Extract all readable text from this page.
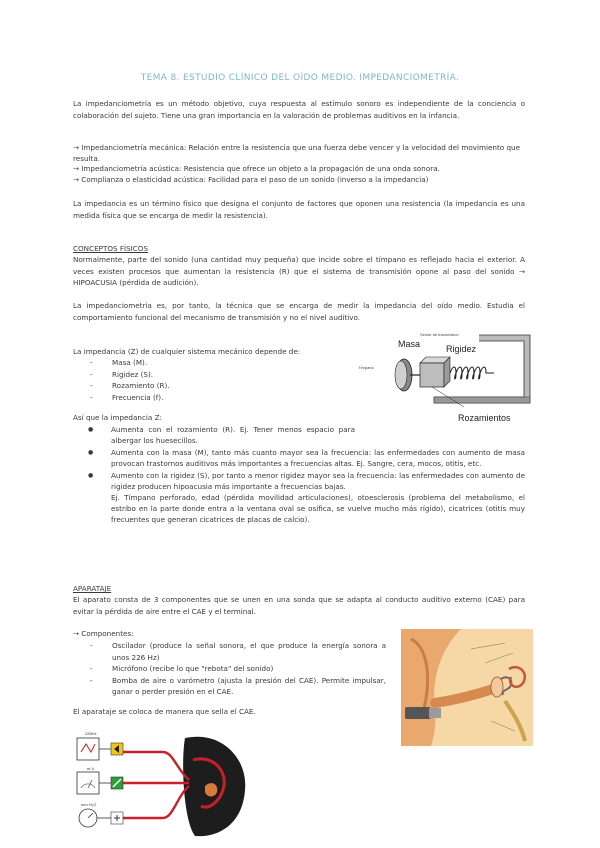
TEMA 8. ESTUDIO CLÍNICO DEL OÍDO MEDIO. IMPEDANCIOMETRÍA.

La impedanciometría es un método objetivo, cuya respuesta al estímulo sonoro es independiente de la conciencia o colaboración del sujeto. Tiene una gran importancia en la valoración de problemas auditivos en la infancia.

→ Impedanciometría mecánica: Relación entre la resistencia que una fuerza debe vencer y la velocidad del movimiento que resulta.
→ Impedanciometría acústica: Resistencia que ofrece un objeto a la propagación de una onda sonora.
→ Complianza o elasticidad acústica: Facilidad para el paso de un sonido (inverso a la impedancia)

La impedancia es un término físico que designa el conjunto de factores que oponen una resistencia (la impedancia es una medida física que se encarga de medir la resistencia).

CONCEPTOS FÍSICOS

Normalmente, parte del sonido (una cantidad muy pequeña) que incide sobre el tímpano es reflejado hacia el exterior. A veces existen procesos que aumentan la resistencia (R) que el sistema de transmisión opone al paso del sonido → HIPOACUSIA (pérdida de audición).

La impedanciometría es, por tanto, la técnica que se encarga de medir la impedancia del oído medio. Estudia el comportamiento funcional del mecanismo de transmisión y no el nivel auditivo.

La impedancia (Z) de cualquier sistema mecánico depende de:

- Masa (M).
- Rigidez (S).
- Rozamiento (R).
- Frecuencia (f).
Sector de transmisión
Tímpano
Masa	Rigidez
Rozamientos

Así que la impedancia Z:

● Aumenta con el rozamiento (R). Ej. Tener menos espacio para albergar los huesecillos.
● Aumenta con la masa (M), tanto más cuanto mayor sea la frecuencia: las enfermedades con aumento de masa provocan trastornos auditivos más importantes a frecuencias altas. Ej. Sangre, cera, mocos, otitis, etc.
● Aumento con la rigidez (S), por tanto a menor rigidez mayor sea la frecuencia: las enfermedades con aumento de rigidez producen hipoacusia más importante a frecuencias bajas.
Ej. Tímpano perforado, edad (pérdida movilidad articulaciones), otoesclerosis (problema del metabolismo, el estribo en la parte donde entra a la ventana oval se osifica, se vuelve mucho más rígido), cicatrices (otitis muy frecuentes que generan cicatrices de placas de calcio).

APARATAJE

El aparato consta de 3 componentes que se unen en una sonda que se adapta al conducto auditivo externo (CAE) para evitar la pérdida de aire entre el CAE y el terminal.

→ Componentes:

- Oscilador (produce la señal sonora, el que produce la energía sonora a unos 226 Hz)
- Micrófono (recibe lo que "rebota" del sonido)
- Bomba de aire o varómetro (ajusta la presión del CAE). Permite impulsar, ganar o perder presión en el CAE.

El aparataje se coloca de manera que sella el CAE.

226Hz
m.V
mm H₂O
